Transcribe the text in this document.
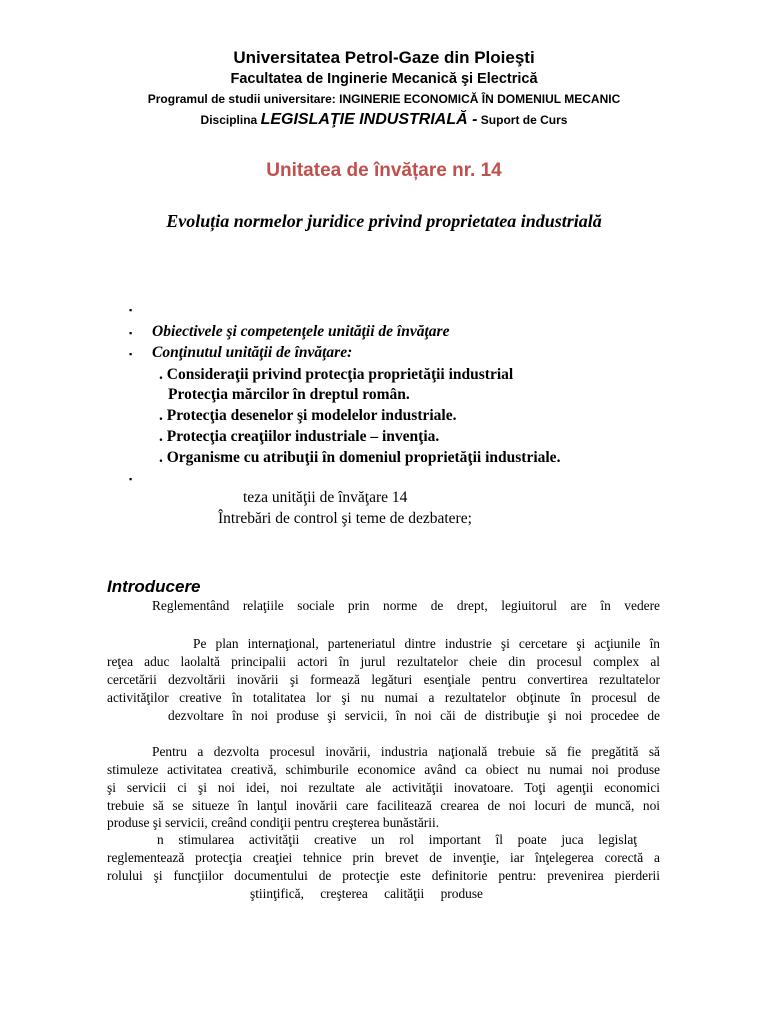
Universitatea Petrol-Gaze din Ploieşti
Facultatea de Inginerie Mecanică şi Electrică
Programul de studii universitare: INGINERIE ECONOMICĂ ÎN DOMENIUL MECANIC
Disciplina LEGISLAŢIE INDUSTRIALĂ - Suport de Curs
Unitatea de învățare nr. 14
Evoluția normelor juridice privind proprietatea industrială
▪
▪ Obiectivele şi competenţele unităţii de învăţare
▪ Conţinutul unităţii de învăţare:
. Consideraţii privind protecţia proprietăţii industrial
Protecţia mărcilor în dreptul român.
. Protecţia desenelor şi modelelor industriale.
. Protecţia creaţiilor industriale – invenţia.
. Organisme cu atribuţii în domeniul proprietăţii industriale.
▪
teza unităţii de învăţare 14
Întrebări de control şi teme de dezbatere;
Introducere
Reglementând relaţiile sociale prin norme de drept, legiuitorul are în vedere
Pe plan internaţional, parteneriatul dintre industrie şi cercetare şi acţiunile în
reţea aduc laolaltă principalii actori în jurul rezultatelor cheie din procesul complex al
cercetării dezvoltării inovării şi formează legături esenţiale pentru convertirea rezultatelor
activităţilor creative în totalitatea lor şi nu numai a rezultatelor obţinute în procesul de
dezvoltare în noi produse şi servicii, în noi căi de distribuţie şi noi procedee de
Pentru a dezvolta procesul inovării, industria naţională trebuie să fie pregătită să
stimuleze activitatea creativă, schimburile economice având ca obiect nu numai noi produse
şi servicii ci şi noi idei, noi rezultate ale activităţii inovatoare. Toţi agenţii economici
trebuie să se situeze în lanţul inovării care facilitează crearea de noi locuri de muncă, noi
produse şi servicii, creând condiţii pentru creşterea bunăstării.
n stimularea activităţii creative un rol important îl poate juca legislaţ
reglementează protecţia creaţiei tehnice prin brevet de invenţie, iar înţelegerea corectă a
rolului şi funcţiilor documentului de protecţie este definitorie pentru: prevenirea pierderii
ştiinţifică, creşterea calităţii produse
